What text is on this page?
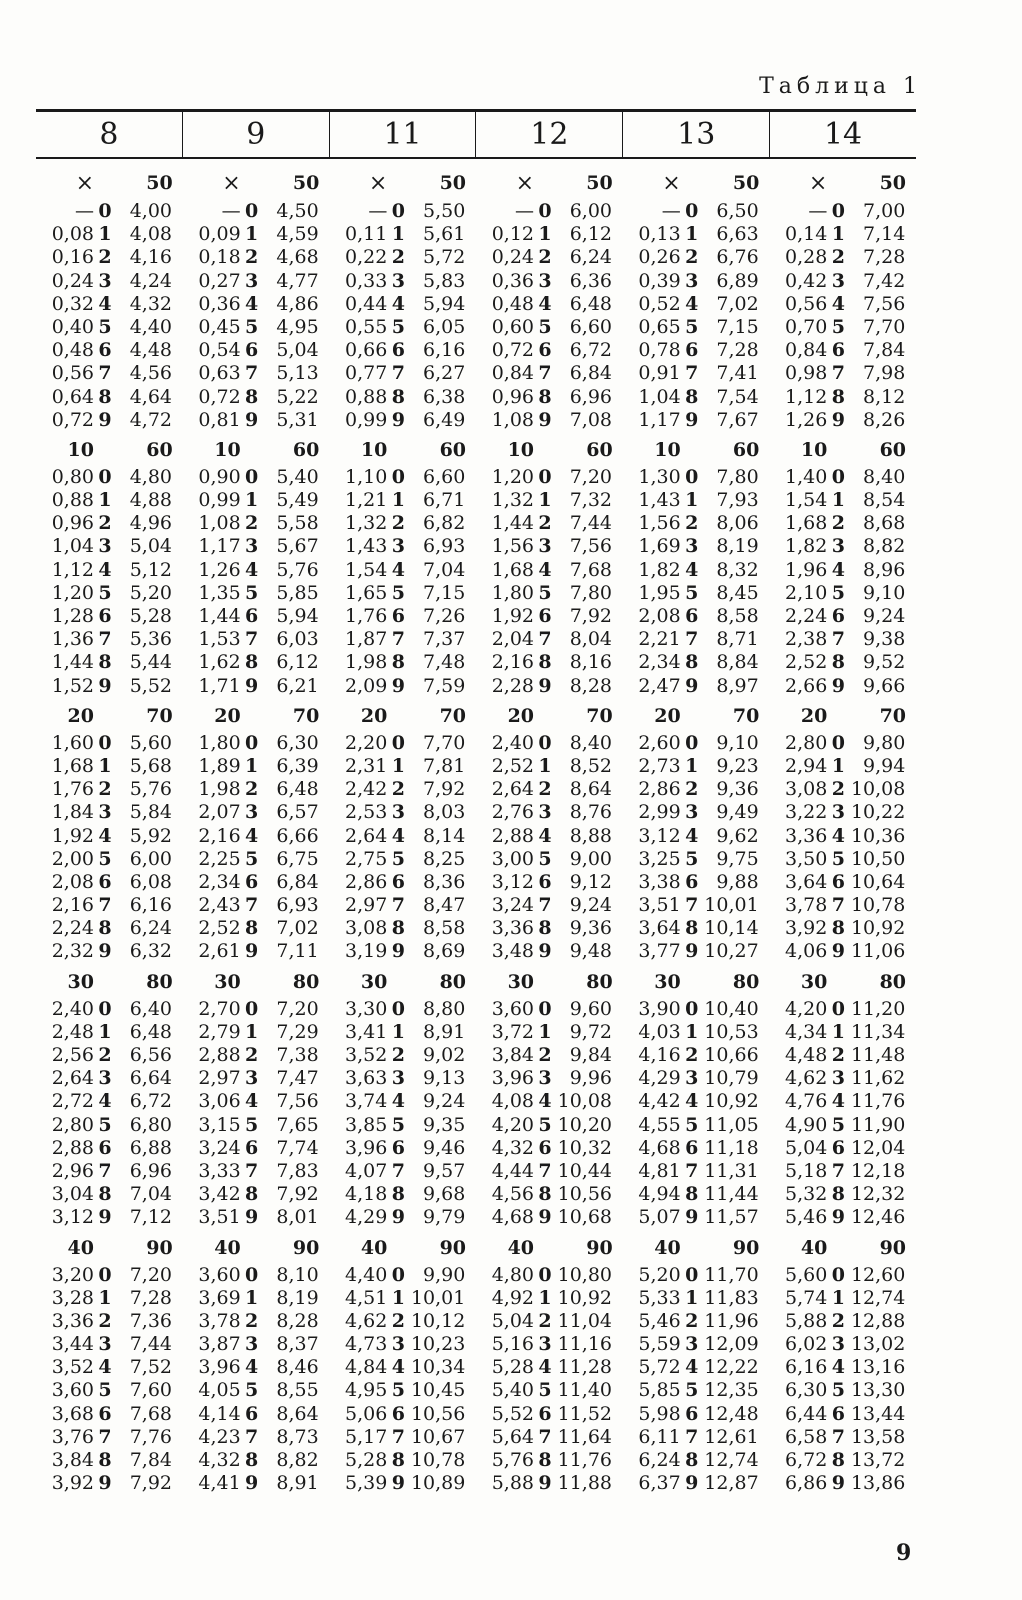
Таблица 1
8	9	11	12	13	14
×	50
— 0 4,00
0,08 1 4,08
0,16 2 4,16
0,24 3 4,24
0,32 4 4,32
0,40 5 4,40
0,48 6 4,48
0,56 7 4,56
0,64 8 4,64
0,72 9 4,72
10	60
0,80 0 4,80
0,88 1 4,88
0,96 2 4,96
1,04 3 5,04
1,12 4 5,12
1,20 5 5,20
1,28 6 5,28
1,36 7 5,36
1,44 8 5,44
1,52 9 5,52
20	70
1,60 0 5,60
1,68 1 5,68
1,76 2 5,76
1,84 3 5,84
1,92 4 5,92
2,00 5 6,00
2,08 6 6,08
2,16 7 6,16
2,24 8 6,24
2,32 9 6,32
30	80
2,40 0 6,40
2,48 1 6,48
2,56 2 6,56
2,64 3 6,64
2,72 4 6,72
2,80 5 6,80
2,88 6 6,88
2,96 7 6,96
3,04 8 7,04
3,12 9 7,12
40	90
3,20 0 7,20
3,28 1 7,28
3,36 2 7,36
3,44 3 7,44
3,52 4 7,52
3,60 5 7,60
3,68 6 7,68
3,76 7 7,76
3,84 8 7,84
3,92 9 7,92
×	50
— 0 4,50
0,09 1 4,59
0,18 2 4,68
0,27 3 4,77
0,36 4 4,86
0,45 5 4,95
0,54 6 5,04
0,63 7 5,13
0,72 8 5,22
0,81 9 5,31
10	60
0,90 0 5,40
0,99 1 5,49
1,08 2 5,58
1,17 3 5,67
1,26 4 5,76
1,35 5 5,85
1,44 6 5,94
1,53 7 6,03
1,62 8 6,12
1,71 9 6,21
20	70
1,80 0 6,30
1,89 1 6,39
1,98 2 6,48
2,07 3 6,57
2,16 4 6,66
2,25 5 6,75
2,34 6 6,84
2,43 7 6,93
2,52 8 7,02
2,61 9 7,11
30	80
2,70 0 7,20
2,79 1 7,29
2,88 2 7,38
2,97 3 7,47
3,06 4 7,56
3,15 5 7,65
3,24 6 7,74
3,33 7 7,83
3,42 8 7,92
3,51 9 8,01
40	90
3,60 0 8,10
3,69 1 8,19
3,78 2 8,28
3,87 3 8,37
3,96 4 8,46
4,05 5 8,55
4,14 6 8,64
4,23 7 8,73
4,32 8 8,82
4,41 9 8,91
×	50
— 0 5,50
0,11 1 5,61
0,22 2 5,72
0,33 3 5,83
0,44 4 5,94
0,55 5 6,05
0,66 6 6,16
0,77 7 6,27
0,88 8 6,38
0,99 9 6,49
10	60
1,10 0 6,60
1,21 1 6,71
1,32 2 6,82
1,43 3 6,93
1,54 4 7,04
1,65 5 7,15
1,76 6 7,26
1,87 7 7,37
1,98 8 7,48
2,09 9 7,59
20	70
2,20 0 7,70
2,31 1 7,81
2,42 2 7,92
2,53 3 8,03
2,64 4 8,14
2,75 5 8,25
2,86 6 8,36
2,97 7 8,47
3,08 8 8,58
3,19 9 8,69
30	80
3,30 0 8,80
3,41 1 8,91
3,52 2 9,02
3,63 3 9,13
3,74 4 9,24
3,85 5 9,35
3,96 6 9,46
4,07 7 9,57
4,18 8 9,68
4,29 9 9,79
40	90
4,40 0 9,90
4,51 1 10,01
4,62 2 10,12
4,73 3 10,23
4,84 4 10,34
4,95 5 10,45
5,06 6 10,56
5,17 7 10,67
5,28 8 10,78
5,39 9 10,89
×	50
— 0 6,00
0,12 1 6,12
0,24 2 6,24
0,36 3 6,36
0,48 4 6,48
0,60 5 6,60
0,72 6 6,72
0,84 7 6,84
0,96 8 6,96
1,08 9 7,08
10	60
1,20 0 7,20
1,32 1 7,32
1,44 2 7,44
1,56 3 7,56
1,68 4 7,68
1,80 5 7,80
1,92 6 7,92
2,04 7 8,04
2,16 8 8,16
2,28 9 8,28
20	70
2,40 0 8,40
2,52 1 8,52
2,64 2 8,64
2,76 3 8,76
2,88 4 8,88
3,00 5 9,00
3,12 6 9,12
3,24 7 9,24
3,36 8 9,36
3,48 9 9,48
30	80
3,60 0 9,60
3,72 1 9,72
3,84 2 9,84
3,96 3 9,96
4,08 4 10,08
4,20 5 10,20
4,32 6 10,32
4,44 7 10,44
4,56 8 10,56
4,68 9 10,68
40	90
4,80 0 10,80
4,92 1 10,92
5,04 2 11,04
5,16 3 11,16
5,28 4 11,28
5,40 5 11,40
5,52 6 11,52
5,64 7 11,64
5,76 8 11,76
5,88 9 11,88
×	50
— 0 6,50
0,13 1 6,63
0,26 2 6,76
0,39 3 6,89
0,52 4 7,02
0,65 5 7,15
0,78 6 7,28
0,91 7 7,41
1,04 8 7,54
1,17 9 7,67
10	60
1,30 0 7,80
1,43 1 7,93
1,56 2 8,06
1,69 3 8,19
1,82 4 8,32
1,95 5 8,45
2,08 6 8,58
2,21 7 8,71
2,34 8 8,84
2,47 9 8,97
20	70
2,60 0 9,10
2,73 1 9,23
2,86 2 9,36
2,99 3 9,49
3,12 4 9,62
3,25 5 9,75
3,38 6 9,88
3,51 7 10,01
3,64 8 10,14
3,77 9 10,27
30	80
3,90 0 10,40
4,03 1 10,53
4,16 2 10,66
4,29 3 10,79
4,42 4 10,92
4,55 5 11,05
4,68 6 11,18
4,81 7 11,31
4,94 8 11,44
5,07 9 11,57
40	90
5,20 0 11,70
5,33 1 11,83
5,46 2 11,96
5,59 3 12,09
5,72 4 12,22
5,85 5 12,35
5,98 6 12,48
6,11 7 12,61
6,24 8 12,74
6,37 9 12,87
×	50
— 0 7,00
0,14 1 7,14
0,28 2 7,28
0,42 3 7,42
0,56 4 7,56
0,70 5 7,70
0,84 6 7,84
0,98 7 7,98
1,12 8 8,12
1,26 9 8,26
10	60
1,40 0 8,40
1,54 1 8,54
1,68 2 8,68
1,82 3 8,82
1,96 4 8,96
2,10 5 9,10
2,24 6 9,24
2,38 7 9,38
2,52 8 9,52
2,66 9 9,66
20	70
2,80 0 9,80
2,94 1 9,94
3,08 2 10,08
3,22 3 10,22
3,36 4 10,36
3,50 5 10,50
3,64 6 10,64
3,78 7 10,78
3,92 8 10,92
4,06 9 11,06
30	80
4,20 0 11,20
4,34 1 11,34
4,48 2 11,48
4,62 3 11,62
4,76 4 11,76
4,90 5 11,90
5,04 6 12,04
5,18 7 12,18
5,32 8 12,32
5,46 9 12,46
40	90
5,60 0 12,60
5,74 1 12,74
5,88 2 12,88
6,02 3 13,02
6,16 4 13,16
6,30 5 13,30
6,44 6 13,44
6,58 7 13,58
6,72 8 13,72
6,86 9 13,86
9
